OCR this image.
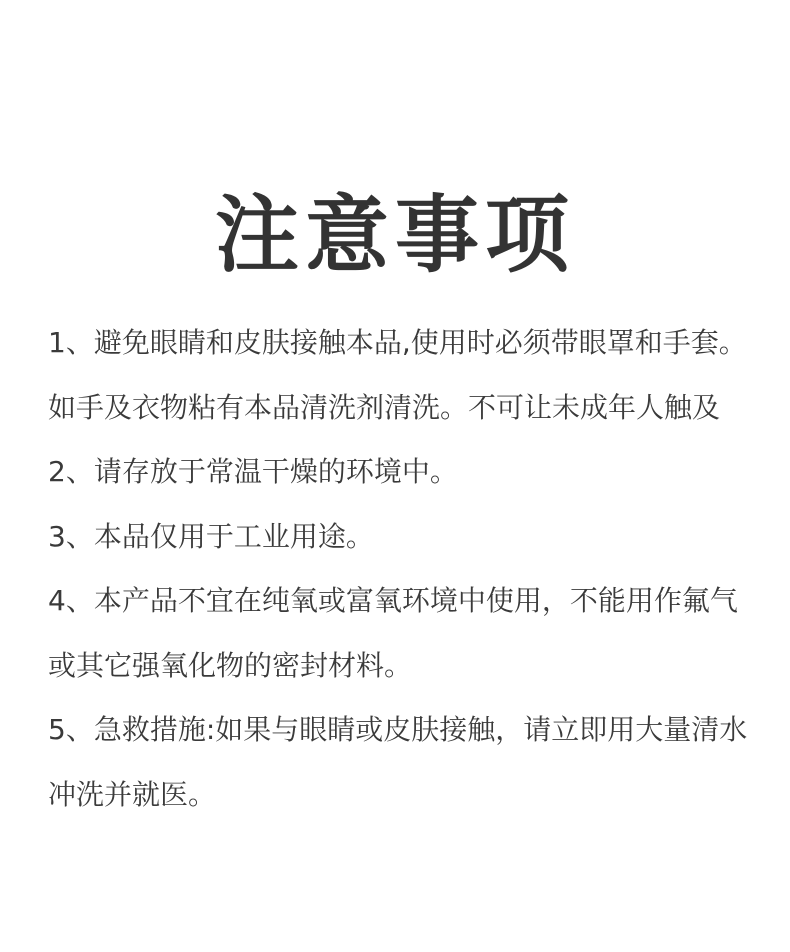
注意事项
1、避免眼睛和皮肤接触本品,使用时必须带眼罩和手套。如手及衣物粘有本品清洗剂清洗。不可让未成年人触及
2、请存放于常温干燥的环境中。
3、本品仅用于工业用途。
4、本产品不宜在纯氧或富氧环境中使用，不能用作氟气或其它强氧化物的密封材料。
5、急救措施:如果与眼睛或皮肤接触，请立即用大量清水冲洗并就医。
